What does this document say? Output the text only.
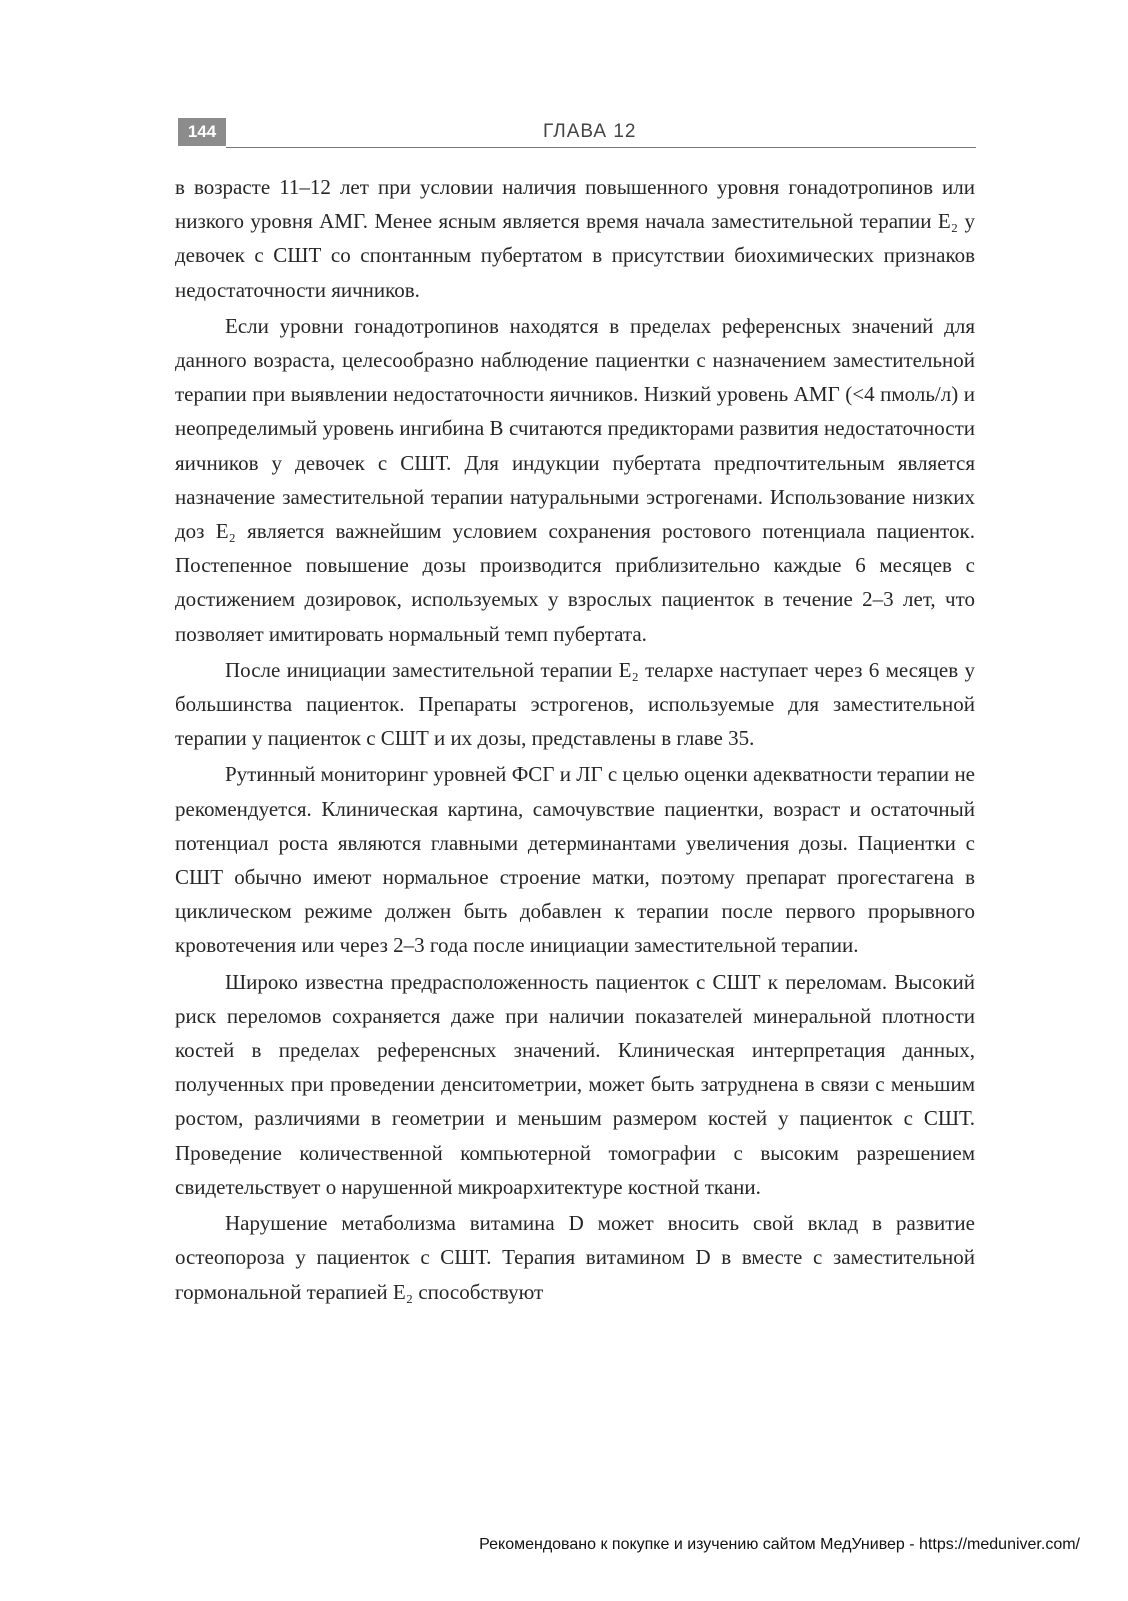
144	ГЛАВА 12

в возрасте 11–12 лет при условии наличия повышенного уровня гонадотропинов или низкого уровня АМГ. Менее ясным является время начала заместительной терапии Е₂ у девочек с СШТ со спонтанным пубертатом в присутствии биохимических признаков недостаточности яичников.

Если уровни гонадотропинов находятся в пределах референсных значений для данного возраста, целесообразно наблюдение пациентки с назначением заместительной терапии при выявлении недостаточности яичников. Низкий уровень АМГ (<4 пмоль/л) и неопределимый уровень ингибина B считаются предикторами развития недостаточности яичников у девочек с СШТ. Для индукции пубертата предпочтительным является назначение заместительной терапии натуральными эстрогенами. Использование низких доз Е₂ является важнейшим условием сохранения ростового потенциала пациенток. Постепенное повышение дозы производится приблизительно каждые 6 месяцев с достижением дозировок, используемых у взрослых пациенток в течение 2–3 лет, что позволяет имитировать нормальный темп пубертата.

После инициации заместительной терапии Е₂ телархе наступает через 6 месяцев у большинства пациенток. Препараты эстрогенов, используемые для заместительной терапии у пациенток с СШТ и их дозы, представлены в главе 35.

Рутинный мониторинг уровней ФСГ и ЛГ с целью оценки адекватности терапии не рекомендуется. Клиническая картина, самочувствие пациентки, возраст и остаточный потенциал роста являются главными детерминантами увеличения дозы. Пациентки с СШТ обычно имеют нормальное строение матки, поэтому препарат прогестагена в циклическом режиме должен быть добавлен к терапии после первого прорывного кровотечения или через 2–3 года после инициации заместительной терапии.

Широко известна предрасположенность пациенток с СШТ к переломам. Высокий риск переломов сохраняется даже при наличии показателей минеральной плотности костей в пределах референсных значений. Клиническая интерпретация данных, полученных при проведении денситометрии, может быть затруднена в связи с меньшим ростом, различиями в геометрии и меньшим размером костей у пациенток с СШТ. Проведение количественной компьютерной томографии с высоким разрешением свидетельствует о нарушенной микроархитектуре костной ткани.

Нарушение метаболизма витамина D может вносить свой вклад в развитие остеопороза у пациенток с СШТ. Терапия витамином D в вместе с заместительной гормональной терапией Е₂ способствуют

Рекомендовано к покупке и изучению сайтом МедУнивер - https://meduniver.com/
